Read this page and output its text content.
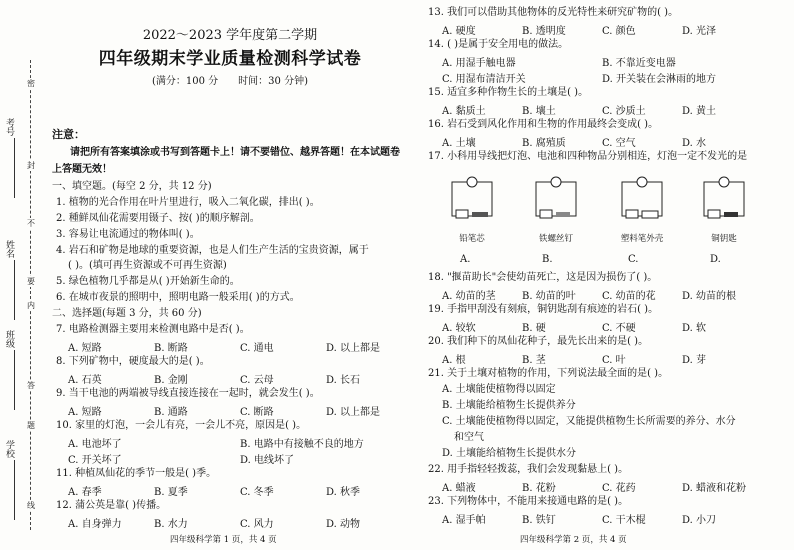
考号
姓名
班级
学校
密
封
不
要
内
答
题
线
2022～2023 学年度第二学期
四年级期末学业质量检测科学试卷
(满分：100 分　　时间：30 分钟)
注意：
请把所有答案填涂或书写到答题卡上！请不要错位、越界答题！在本试题卷上答题无效！
一、填空题。(每空 2 分，共 12 分)
1. 植物的光合作用在叶片里进行，吸入二氧化碳，排出( )。
2. 種鲜凤仙花需要用镊子、按( )的顺序解剖。
3. 容易让电流通过的物体叫( )。
4. 岩石和矿物是地球的重要资源，也是人们生产生活的宝贵资源，属于
( )。(填可再生资源或不可再生资源)
5. 绿色植物几乎都是从( )开始新生命的。
6. 在城市夜景的照明中，照明电路一般采用( )的方式。
二、选择题(每题 3 分，共 60 分)
7. 电路检测器主要用来检测电路中是否( )。
A. 短路	B. 断路	C. 通电	D. 以上都是
8. 下列矿物中，硬度最大的是( )。
A. 石英	B. 金刚	C. 云母	D. 长石
9. 当干电池的两端被导线直接连接在一起时，就会发生( )。
A. 短路	B. 通路	C. 断路	D. 以上都是
10. 家里的灯泡，一会儿有亮，一会儿不亮，原因是( )。
A. 电池坏了	B. 电路中有接触不良的地方
C. 开关坏了	D. 电线坏了
11. 种植凤仙花的季节一般是( )季。
A. 春季	B. 夏季	C. 冬季	D. 秋季
12. 蒲公英是靠( )传播。
A. 自身弹力	B. 水力	C. 风力	D. 动物
四年级科学第 1 页，共 4 页
13. 我们可以借助其他物体的反光特性来研究矿物的( )。
A. 硬度	B. 透明度	C. 颜色	D. 光泽
14. ( )是属于安全用电的做法。
A. 用湿手触电器	B. 不靠近变电器
C. 用湿布清洁开关	D. 开关装在会淋雨的地方
15. 适宜多种作物生长的土壤是( )。
A. 黏质土	B. 壤土	C. 沙质土	D. 黄土
16. 岩石受到风化作用和生物的作用最终会变成( )。
A. 土壤	B. 腐殖质	C. 空气	D. 水
17. 小科用导线把灯泡、电池和四种物品分别相连，灯泡一定不发光的是
铅笔芯	铁螺丝钉	塑料笔外壳	铜钥匙
A.	B.	C.	D.
18. "揠苗助长"会使幼苗死亡，这是因为损伤了( )。
A. 幼苗的茎	B. 幼苗的叶	C. 幼苗的花	D. 幼苗的根
19. 手指甲刮没有刻痕，铜钥匙刮有痕迹的岩石( )。
A. 较软	B. 硬	C. 不硬	D. 软
20. 我们种下的凤仙花种子，最先长出来的是( )。
A. 根	B. 茎	C. 叶	D. 芽
21. 关于土壤对植物的作用，下列说法最全面的是( )。
A. 土壤能使植物得以固定
B. 土壤能给植物生长提供养分
C. 土壤能使植物得以固定，又能提供植物生长所需要的养分、水分
和空气
D. 土壤能给植物生长提供水分
22. 用手指轻轻拨蕊，我们会发现黏悬上( )。
A. 蜡液	B. 花粉	C. 花药	D. 蜡液和花粉
23. 下列物体中，不能用来接通电路的是( )。
A. 湿手帕	B. 铁钉	C. 干木棍	D. 小刀
四年级科学第 2 页，共 4 页
